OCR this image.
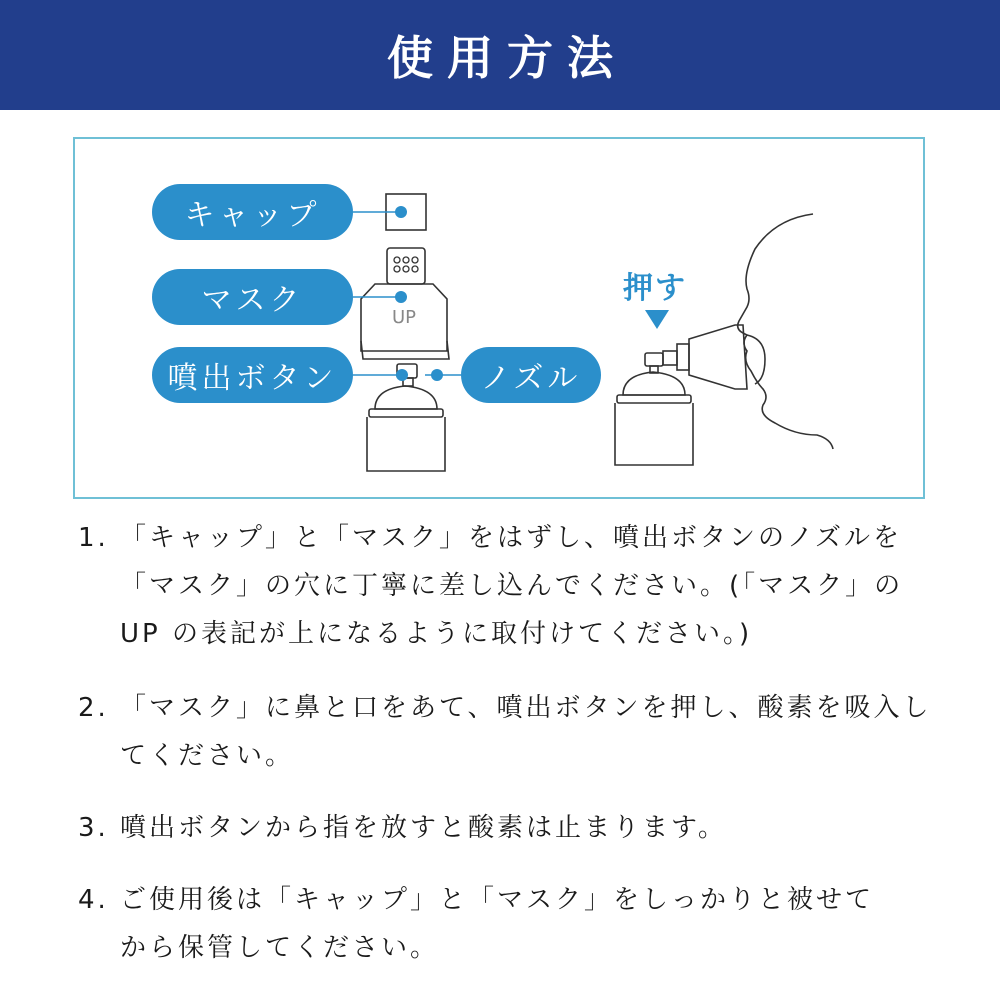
使用方法
UP
キャップ
マスク
噴出ボタン	ノズル
押す
1. 「キャップ」と「マスク」をはずし、噴出ボタンのノズルを
「マスク」の穴に丁寧に差し込んでください。(「マスク」の
UP の表記が上になるように取付けてください。)
2. 「マスク」に鼻と口をあて、噴出ボタンを押し、酸素を吸入し
てください。
3. 噴出ボタンから指を放すと酸素は止まります。
4. ご使用後は「キャップ」と「マスク」をしっかりと被せて
から保管してください。
